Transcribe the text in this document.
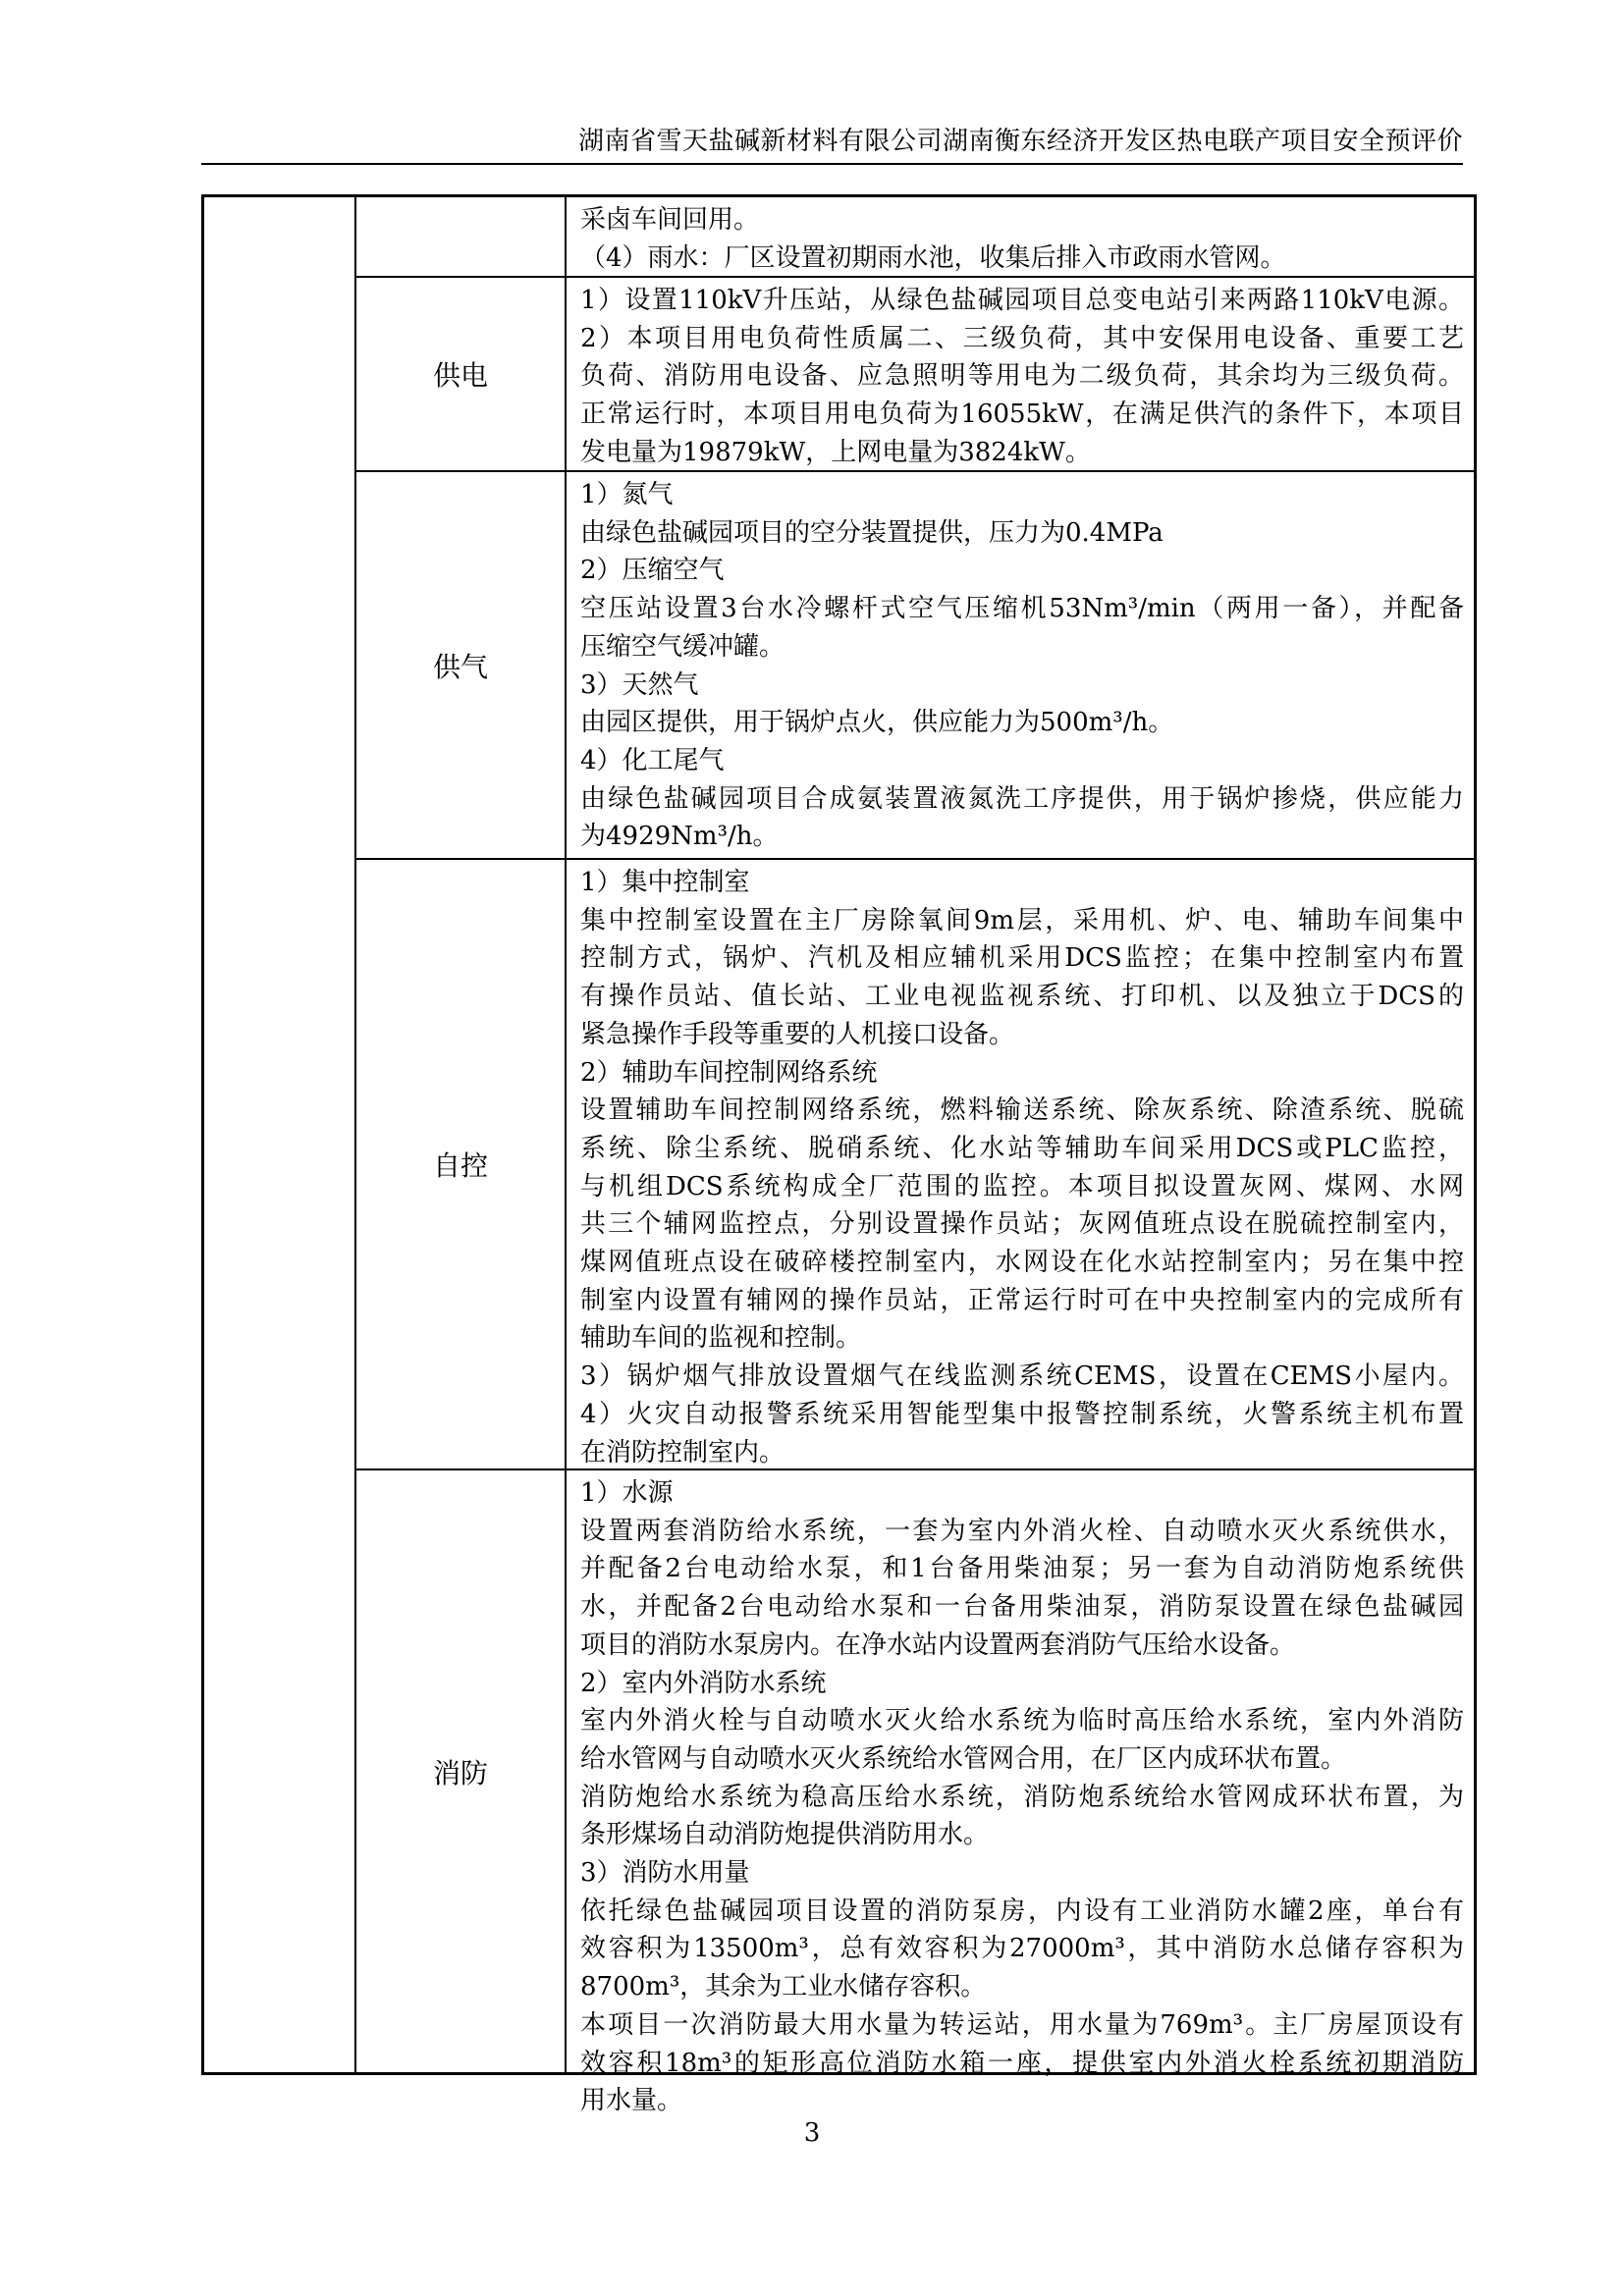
湖南省雪天盐碱新材料有限公司湖南衡东经济开发区热电联产项目安全预评价
采卤车间回用。
（4）雨水：厂区设置初期雨水池，收集后排入市政雨水管网。
供电
1）设置110kV升压站，从绿色盐碱园项目总变电站引来两路110kV电源。
2）本项目用电负荷性质属二、三级负荷，其中安保用电设备、重要工艺
负荷、消防用电设备、应急照明等用电为二级负荷，其余均为三级负荷。
正常运行时，本项目用电负荷为16055kW，在满足供汽的条件下，本项目
发电量为19879kW，上网电量为3824kW。
供气
1）氮气
由绿色盐碱园项目的空分装置提供，压力为0.4MPa
2）压缩空气
空压站设置3台水冷螺杆式空气压缩机53Nm³/min（两用一备），并配备
压缩空气缓冲罐。
3）天然气
由园区提供，用于锅炉点火，供应能力为500m³/h。
4）化工尾气
由绿色盐碱园项目合成氨装置液氮洗工序提供，用于锅炉掺烧，供应能力
为4929Nm³/h。
自控
1）集中控制室
集中控制室设置在主厂房除氧间9m层，采用机、炉、电、辅助车间集中
控制方式，锅炉、汽机及相应辅机采用DCS监控；在集中控制室内布置
有操作员站、值长站、工业电视监视系统、打印机、以及独立于DCS的
紧急操作手段等重要的人机接口设备。
2）辅助车间控制网络系统
设置辅助车间控制网络系统，燃料输送系统、除灰系统、除渣系统、脱硫
系统、除尘系统、脱硝系统、化水站等辅助车间采用DCS或PLC监控，
与机组DCS系统构成全厂范围的监控。本项目拟设置灰网、煤网、水网
共三个辅网监控点，分别设置操作员站；灰网值班点设在脱硫控制室内，
煤网值班点设在破碎楼控制室内，水网设在化水站控制室内；另在集中控
制室内设置有辅网的操作员站，正常运行时可在中央控制室内的完成所有
辅助车间的监视和控制。
3）锅炉烟气排放设置烟气在线监测系统CEMS，设置在CEMS小屋内。
4）火灾自动报警系统采用智能型集中报警控制系统，火警系统主机布置
在消防控制室内。
消防
1）水源
设置两套消防给水系统，一套为室内外消火栓、自动喷水灭火系统供水，
并配备2台电动给水泵，和1台备用柴油泵；另一套为自动消防炮系统供
水，并配备2台电动给水泵和一台备用柴油泵，消防泵设置在绿色盐碱园
项目的消防水泵房内。在净水站内设置两套消防气压给水设备。
2）室内外消防水系统
室内外消火栓与自动喷水灭火给水系统为临时高压给水系统，室内外消防
给水管网与自动喷水灭火系统给水管网合用，在厂区内成环状布置。
消防炮给水系统为稳高压给水系统，消防炮系统给水管网成环状布置，为
条形煤场自动消防炮提供消防用水。
3）消防水用量
依托绿色盐碱园项目设置的消防泵房，内设有工业消防水罐2座，单台有
效容积为13500m³，总有效容积为27000m³，其中消防水总储存容积为
8700m³，其余为工业水储存容积。
本项目一次消防最大用水量为转运站，用水量为769m³。主厂房屋顶设有
效容积18m³的矩形高位消防水箱一座，提供室内外消火栓系统初期消防
用水量。
3
